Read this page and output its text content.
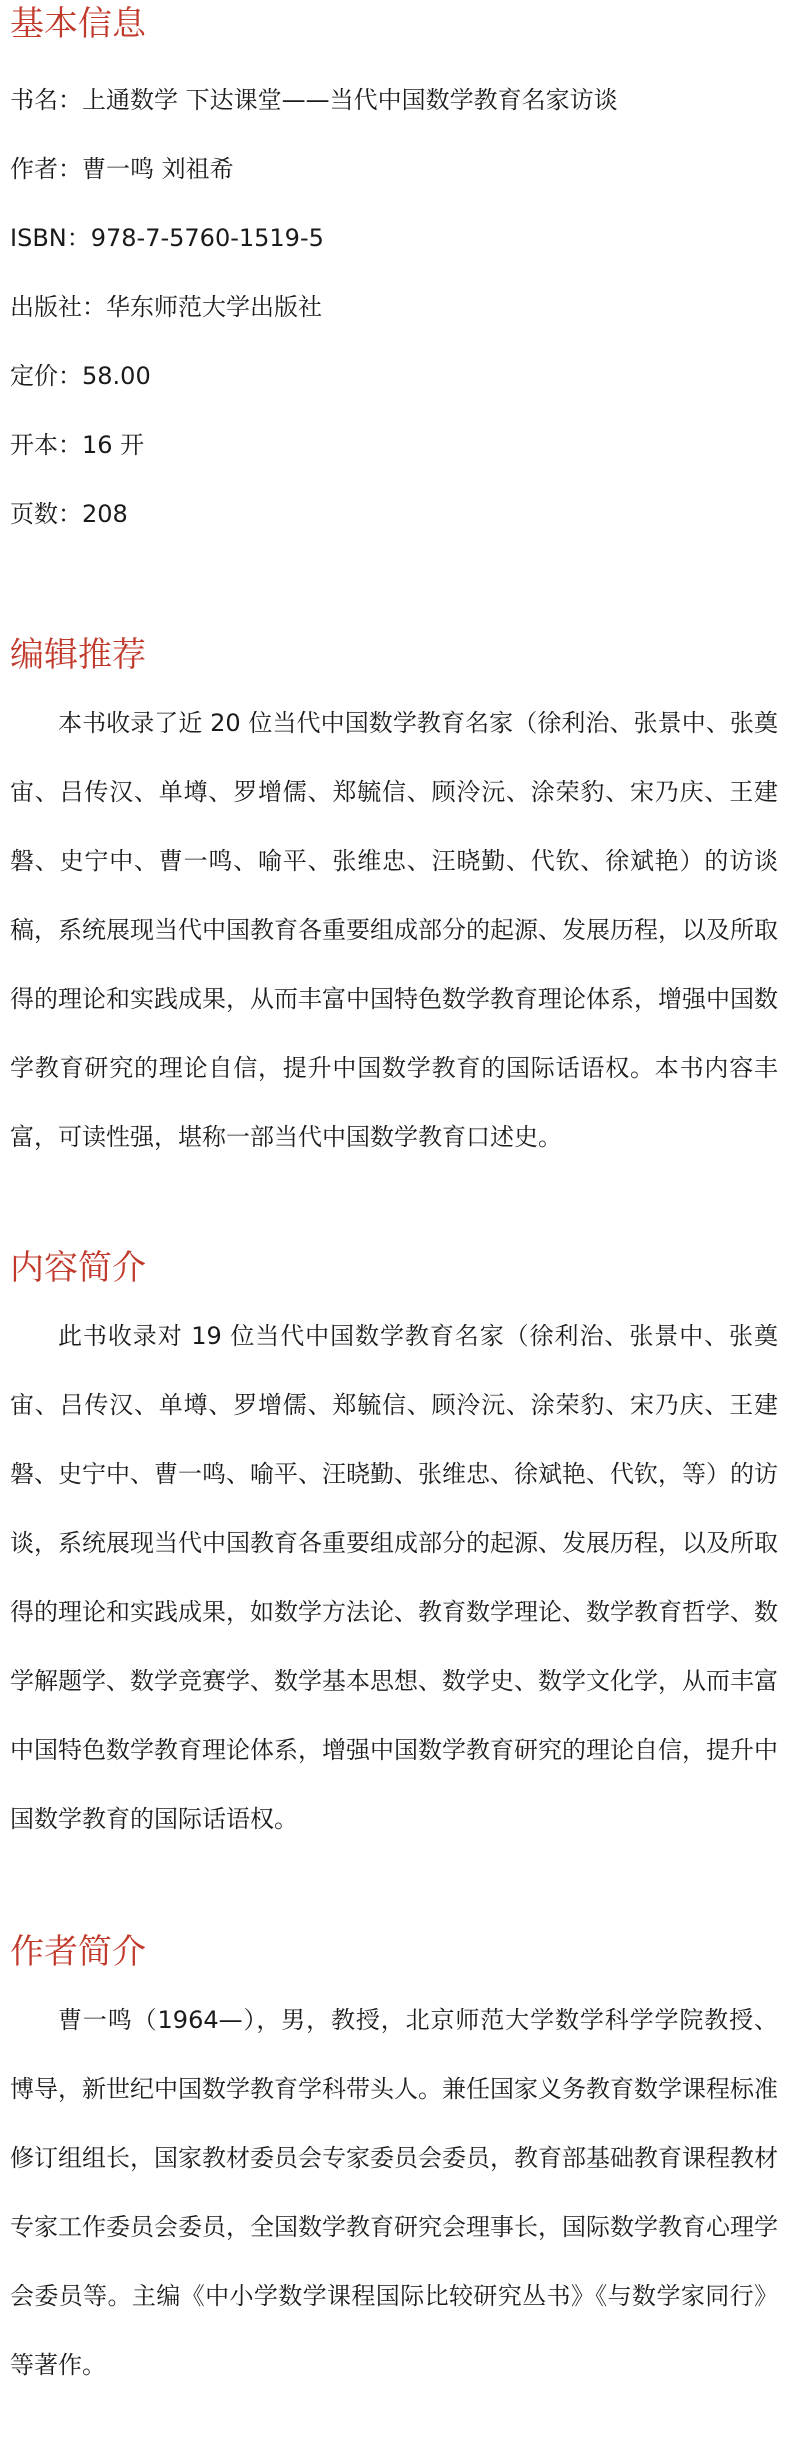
基本信息
书名：上通数学 下达课堂——当代中国数学教育名家访谈
作者：曹一鸣 刘祖希
ISBN：978-7-5760-1519-5
出版社：华东师范大学出版社
定价：58.00
开本：16 开
页数：208
编辑推荐

本书收录了近 20 位当代中国数学教育名家（徐利治、张景中、张奠宙、吕传汉、单墫、罗增儒、郑毓信、顾泠沅、涂荣豹、宋乃庆、王建磐、史宁中、曹一鸣、喻平、张维忠、汪晓勤、代钦、徐斌艳）的访谈稿，系统展现当代中国教育各重要组成部分的起源、发展历程，以及所取得的理论和实践成果，从而丰富中国特色数学教育理论体系，增强中国数学教育研究的理论自信，提升中国数学教育的国际话语权。本书内容丰富，可读性强，堪称一部当代中国数学教育口述史。

内容简介

此书收录对 19 位当代中国数学教育名家（徐利治、张景中、张奠宙、吕传汉、单墫、罗增儒、郑毓信、顾泠沅、涂荣豹、宋乃庆、王建磐、史宁中、曹一鸣、喻平、汪晓勤、张维忠、徐斌艳、代钦，等）的访谈，系统展现当代中国教育各重要组成部分的起源、发展历程，以及所取得的理论和实践成果，如数学方法论、教育数学理论、数学教育哲学、数学解题学、数学竞赛学、数学基本思想、数学史、数学文化学，从而丰富中国特色数学教育理论体系，增强中国数学教育研究的理论自信，提升中国数学教育的国际话语权。

作者简介

曹一鸣（1964—），男，教授，北京师范大学数学科学学院教授、博导，新世纪中国数学教育学科带头人。兼任国家义务教育数学课程标准修订组组长，国家教材委员会专家委员会委员，教育部基础教育课程教材专家工作委员会委员，全国数学教育研究会理事长，国际数学教育心理学会委员等。主编《中小学数学课程国际比较研究丛书》《与数学家同行》等著作。
